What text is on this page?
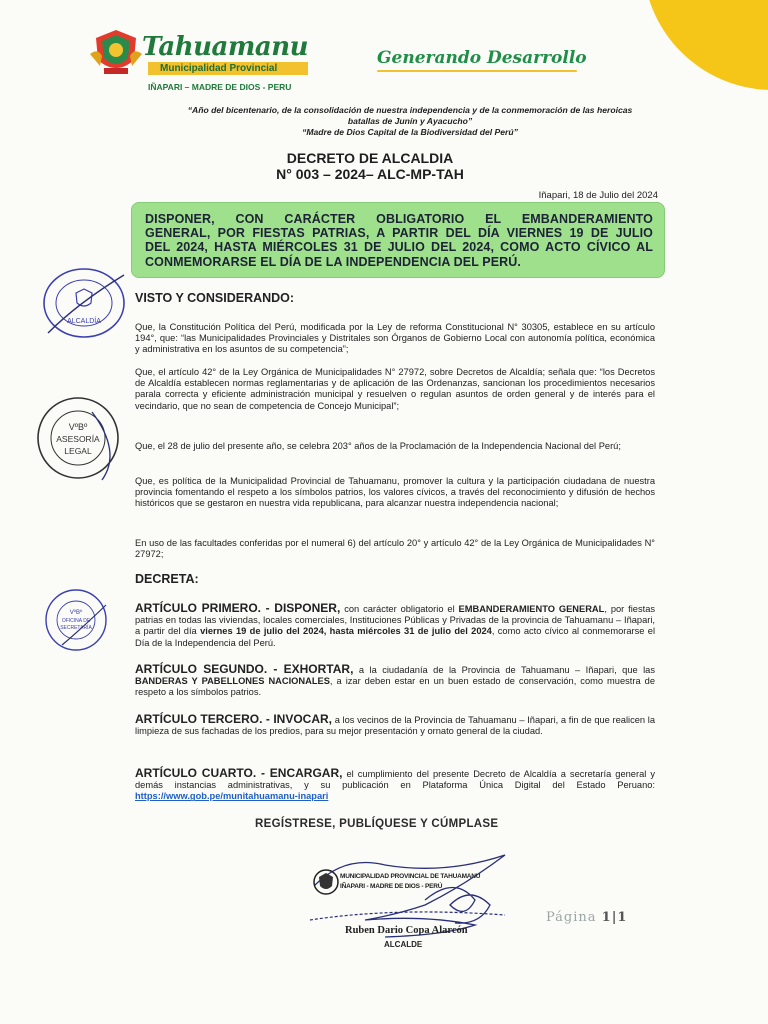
Tahuamanu
Municipalidad Provincial
IÑAPARI – MADRE DE DIOS - PERU
Generando Desarrollo
“Año del bicentenario, de la consolidación de nuestra independencia y de la conmemoración de las heroicas
batallas de Junín y Ayacucho”
“Madre de Dios Capital de la Biodiversidad del Perú”
DECRETO DE ALCALDIA
N° 003 – 2024– ALC-MP-TAH
Iñapari, 18 de Julio del 2024
DISPONER, CON CARÁCTER OBLIGATORIO EL EMBANDERAMIENTO
GENERAL, POR FIESTAS PATRIAS, A PARTIR DEL DÍA VIERNES 19 DE JULIO
DEL 2024, HASTA MIÉRCOLES 31 DE JULIO DEL 2024, COMO ACTO CÍVICO AL
CONMEMORARSE EL DÍA DE LA INDEPENDENCIA DEL PERÚ.
VISTO Y CONSIDERANDO:
Que, la Constitución Política del Perú, modificada por la Ley de reforma Constitucional N° 30305, establece en su artículo 194°, que: “las Municipalidades Provinciales y Distritales son Órganos de Gobierno Local con autonomía política, económica y administrativa en los asuntos de su competencia”;
Que, el artículo 42° de la Ley Orgánica de Municipalidades N° 27972, sobre Decretos de Alcaldía; señala que: “los Decretos de Alcaldía establecen normas reglamentarias y de aplicación de las Ordenanzas, sancionan los procedimientos necesarios parala correcta y eficiente administración municipal y resuelven o regulan asuntos de orden general y de interés para el vecindario, que no sean de competencia de Concejo Municipal”;
Que, el 28 de julio del presente año, se celebra 203° años de la Proclamación de la Independencia Nacional del Perú;
Que, es política de la Municipalidad Provincial de Tahuamanu, promover la cultura y la participación ciudadana de nuestra provincia fomentando el respeto a los símbolos patrios, los valores cívicos, a través del reconocimiento y difusión de hechos históricos que se gestaron en nuestra vida republicana, para alcanzar nuestra independencia nacional;
En uso de las facultades conferidas por el numeral 6) del artículo 20° y artículo 42° de la Ley Orgánica de Municipalidades N° 27972;
DECRETA:
ARTÍCULO PRIMERO. - DISPONER, con carácter obligatorio el EMBANDERAMIENTO GENERAL, por fiestas patrias en todas las viviendas, locales comerciales, Instituciones Públicas y Privadas de la provincia de Tahuamanu – Iñapari, a partir del día viernes 19 de julio del 2024, hasta miércoles 31 de julio del 2024, como acto cívico al conmemorarse el Día de la Independencia del Perú.
ARTÍCULO SEGUNDO. - EXHORTAR, a la ciudadanía de la Provincia de Tahuamanu – Iñapari, que las BANDERAS Y PABELLONES NACIONALES, a izar deben estar en un buen estado de conservación, como muestra de respeto a los símbolos patrios.
ARTÍCULO TERCERO. - INVOCAR, a los vecinos de la Provincia de Tahuamanu – Iñapari, a fin de que realicen la limpieza de sus fachadas de los predios, para su mejor presentación y ornato general de la ciudad.
ARTÍCULO CUARTO. - ENCARGAR, el cumplimiento del presente Decreto de Alcaldía a secretaría general y demás instancias administrativas, y su publicación en Plataforma Única Digital del Estado Peruano: https://www.gob.pe/munitahuamanu-inapari
REGÍSTRESE, PUBLÍQUESE Y CÚMPLASE
MUNICIPALIDAD PROVINCIAL DE TAHUAMANU
IÑAPARI - MADRE DE DIOS - PERÚ
Ruben Dario Copa Alarcón
ALCALDE
Página 1|1
ALCALDÍA
VºBº
ASESORÍA
LEGAL
VºBº
OFICINA DE
SECRETARÍA
